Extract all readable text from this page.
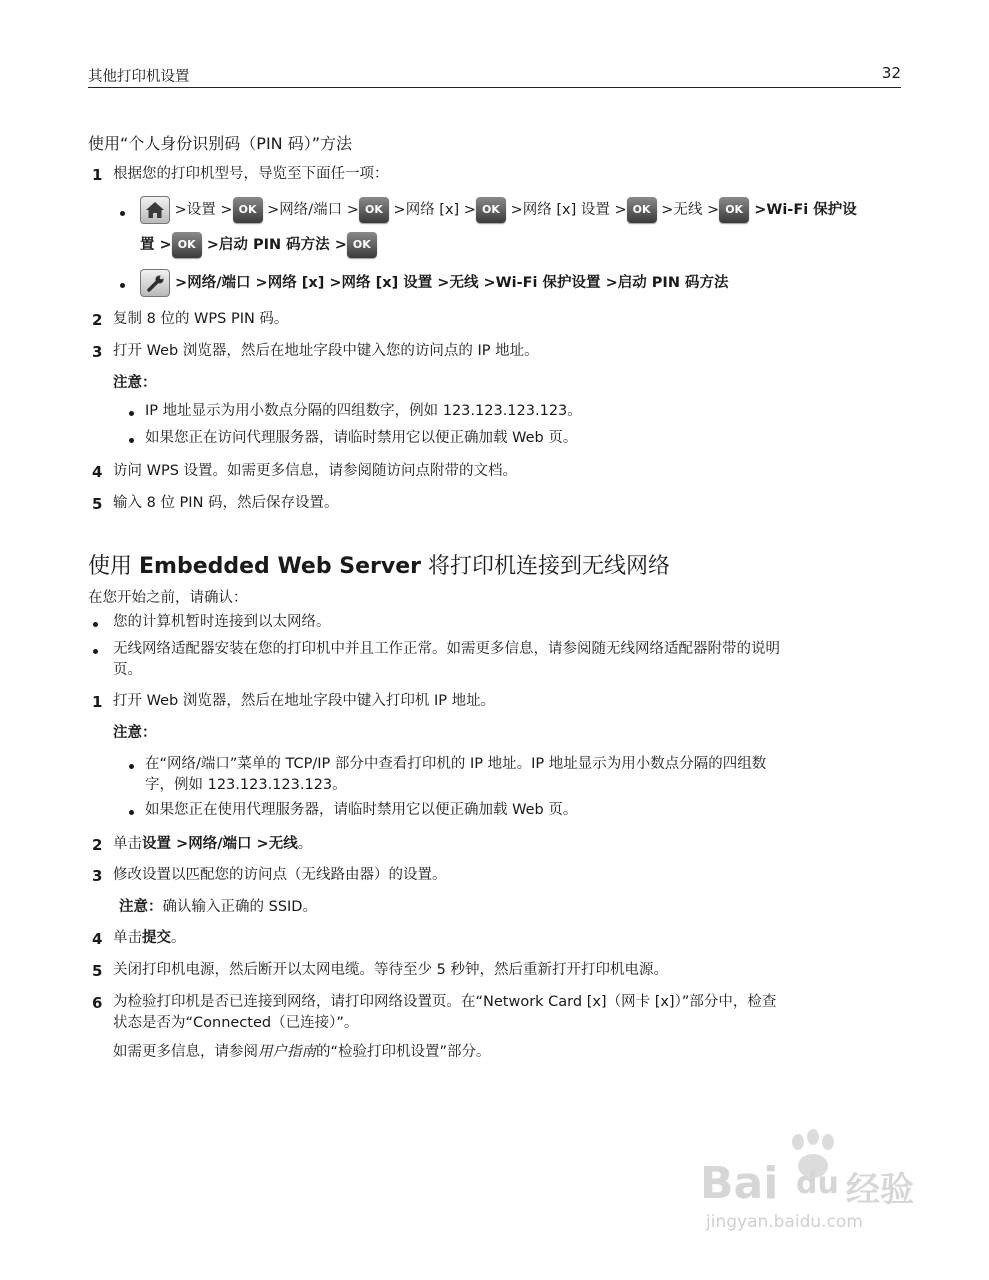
其他打印机设置	32
使用“个人身份识别码（PIN 码）”方法
1 根据您的打印机型号，导览至下面任一项：
>设置 > OK >网络/端口 > OK >网络 [x] > OK >网络 [x] 设置 > OK >无线 > OK >Wi‑Fi 保护设
置 > OK >启动 PIN 码方法 > OK
>网络/端口 >网络 [x] >网络 [x] 设置 >无线 >Wi‑Fi 保护设置 >启动 PIN 码方法
2 复制 8 位的 WPS PIN 码。
3 打开 Web 浏览器，然后在地址字段中键入您的访问点的 IP 地址。
注意：
IP 地址显示为用小数点分隔的四组数字，例如 123.123.123.123。
如果您正在访问代理服务器，请临时禁用它以便正确加载 Web 页。
4 访问 WPS 设置。如需更多信息，请参阅随访问点附带的文档。
5 输入 8 位 PIN 码，然后保存设置。
使用 Embedded Web Server 将打印机连接到无线网络
在您开始之前，请确认：
您的计算机暂时连接到以太网络。
无线网络适配器安装在您的打印机中并且工作正常。如需更多信息，请参阅随无线网络适配器附带的说明
页。
1 打开 Web 浏览器，然后在地址字段中键入打印机 IP 地址。
注意：
在“网络/端口”菜单的 TCP/IP 部分中查看打印机的 IP 地址。IP 地址显示为用小数点分隔的四组数
字，例如 123.123.123.123。
如果您正在使用代理服务器，请临时禁用它以便正确加载 Web 页。
2 单击设置 >网络/端口 >无线。
3 修改设置以匹配您的访问点（无线路由器）的设置。
注意：确认输入正确的 SSID。
4 单击提交。
5 关闭打印机电源，然后断开以太网电缆。等待至少 5 秒钟，然后重新打开打印机电源。
6 为检验打印机是否已连接到网络，请打印网络设置页。在“Network Card [x]（网卡 [x]）”部分中，检查
状态是否为“Connected（已连接）”。
如需更多信息，请参阅用户指南的“检验打印机设置”部分。
Bai du 经验
jingyan.baidu.com
